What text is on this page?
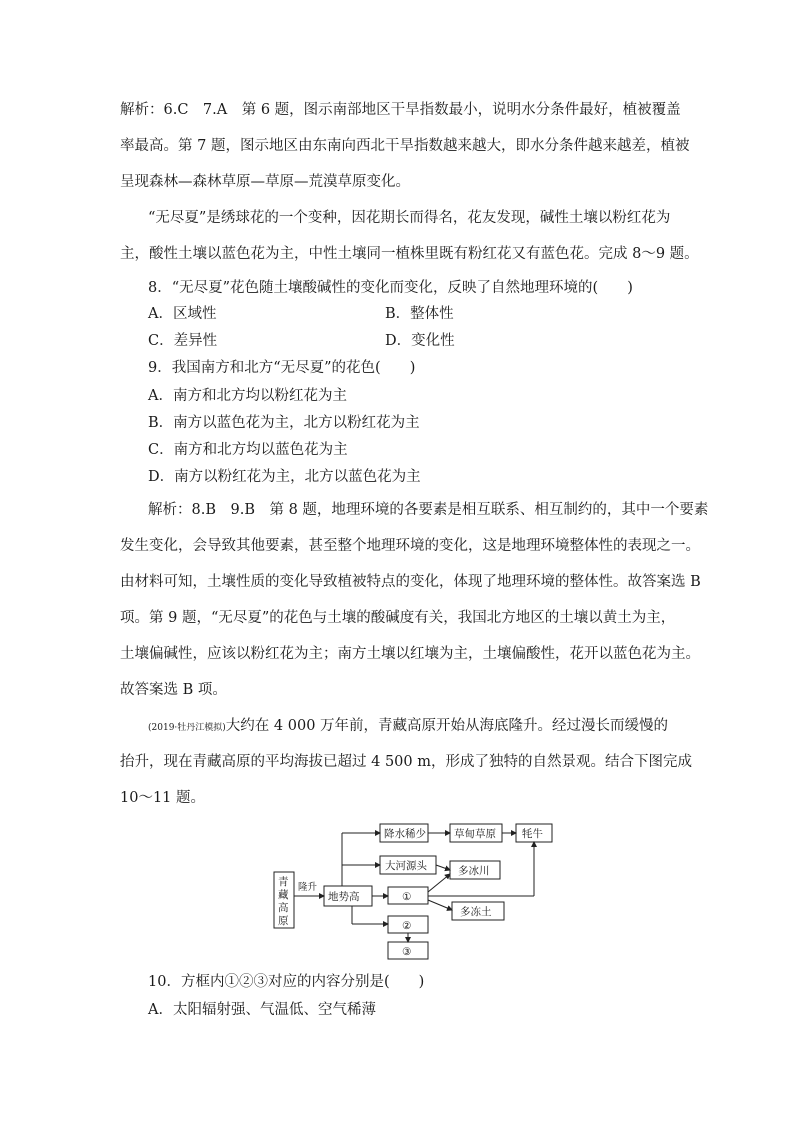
解析：6.C　7.A　第 6 题，图示南部地区干旱指数最小，说明水分条件最好，植被覆盖
率最高。第 7 题，图示地区由东南向西北干旱指数越来越大，即水分条件越来越差，植被
呈现森林—森林草原—草原—荒漠草原变化。
“无尽夏”是绣球花的一个变种，因花期长而得名，花友发现，碱性土壤以粉红花为
主，酸性土壤以蓝色花为主，中性土壤同一植株里既有粉红花又有蓝色花。完成 8～9 题。
8．“无尽夏”花色随土壤酸碱性的变化而变化，反映了自然地理环境的(　　)
A．区域性	B．整体性
C．差异性	D．变化性
9．我国南方和北方“无尽夏”的花色(　　)
A．南方和北方均以粉红花为主
B．南方以蓝色花为主，北方以粉红花为主
C．南方和北方均以蓝色花为主
D．南方以粉红花为主，北方以蓝色花为主
解析：8.B　9.B　第 8 题，地理环境的各要素是相互联系、相互制约的，其中一个要素
发生变化，会导致其他要素，甚至整个地理环境的变化，这是地理环境整体性的表现之一。
由材料可知，土壤性质的变化导致植被特点的变化，体现了地理环境的整体性。故答案选 B
项。第 9 题，“无尽夏”的花色与土壤的酸碱度有关，我国北方地区的土壤以黄土为主，
土壤偏碱性，应该以粉红花为主；南方土壤以红壤为主，土壤偏酸性，花开以蓝色花为主。
故答案选 B 项。
(2019·牡丹江模拟)大约在 4 000 万年前，青藏高原开始从海底隆升。经过漫长而缓慢的
抬升，现在青藏高原的平均海拔已超过 4 500 m，形成了独特的自然景观。结合下图完成
10～11 题。
青
藏
高
原
隆升
地势高
降水稀少	草甸草原 牦牛
大河源头	多冰川
①
②
③
多冻土
10．方框内①②③对应的内容分别是(　　)
A．太阳辐射强、气温低、空气稀薄
